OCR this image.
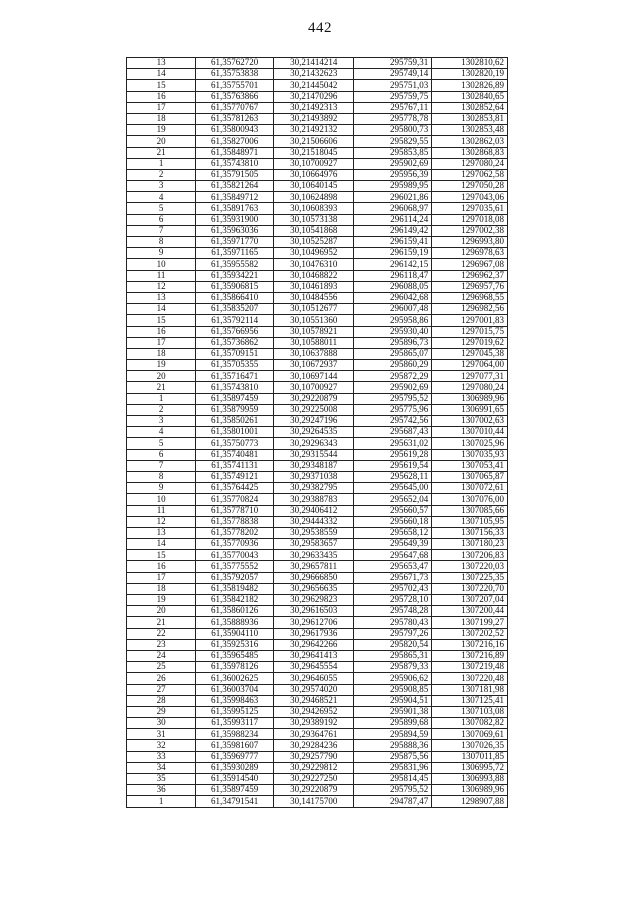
442
13	61,35762720	30,21414214	295759,31	1302810,62
14	61,35753838	30,21432623	295749,14	1302820,19
15	61,35755701	30,21445042	295751,03	1302826,89
16	61,35763866	30,21470296	295759,75	1302840,65
17	61,35770767	30,21492313	295767,11	1302852,64
18	61,35781263	30,21493892	295778,78	1302853,81
19	61,35800943	30,21492132	295800,73	1302853,48
20	61,35827006	30,21506606	295829,55	1302862,03
21	61,35848971	30,21518045	295853,85	1302868,83
1	61,35743810	30,10700927	295902,69	1297080,24
2	61,35791505	30,10664976	295956,39	1297062,58
3	61,35821264	30,10640145	295989,95	1297050,28
4	61,35849712	30,10624898	296021,86	1297043,06
5	61,35891763	30,10608393	296068,97	1297035,61
6	61,35931900	30,10573138	296114,24	1297018,08
7	61,35963036	30,10541868	296149,42	1297002,38
8	61,35971770	30,10525287	296159,41	1296993,80
9	61,35971165	30,10496952	296159,19	1296978,63
10	61,35955582	30,10476310	296142,15	1296967,08
11	61,35934221	30,10468822	296118,47	1296962,37
12	61,35906815	30,10461893	296088,05	1296957,76
13	61,35866410	30,10484556	296042,68	1296968,55
14	61,35835207	30,10512677	296007,48	1296982,56
15	61,35792114	30,10551360	295958,86	1297001,83
16	61,35766956	30,10578921	295930,40	1297015,75
17	61,35736862	30,10588011	295896,73	1297019,62
18	61,35709151	30,10637888	295865,07	1297045,38
19	61,35705355	30,10672937	295860,29	1297064,00
20	61,35716471	30,10697144	295872,29	1297077,31
21	61,35743810	30,10700927	295902,69	1297080,24
1	61,35897459	30,29220879	295795,52	1306989,96
2	61,35879959	30,29225008	295775,96	1306991,65
3	61,35850261	30,29247196	295742,56	1307002,63
4	61,35801001	30,29264535	295687,43	1307010,44
5	61,35750773	30,29296343	295631,02	1307025,96
6	61,35740481	30,29315544	295619,28	1307035,93
7	61,35741131	30,29348187	295619,54	1307053,41
8	61,35749121	30,29371038	295628,11	1307065,87
9	61,35764425	30,29382795	295645,00	1307072,61
10	61,35770824	30,29388783	295652,04	1307076,00
11	61,35778710	30,29406412	295660,57	1307085,66
12	61,35778838	30,29444332	295660,18	1307105,95
13	61,35778202	30,29538559	295658,12	1307156,33
14	61,35770936	30,29583657	295649,39	1307180,23
15	61,35770043	30,29633435	295647,68	1307206,83
16	61,35775552	30,29657811	295653,47	1307220,03
17	61,35792057	30,29666850	295671,73	1307225,35
18	61,35819482	30,29656635	295702,43	1307220,70
19	61,35842182	30,29629823	295728,10	1307207,04
20	61,35860126	30,29616503	295748,28	1307200,44
21	61,35888936	30,29612706	295780,43	1307199,27
22	61,35904110	30,29617936	295797,26	1307202,52
23	61,35925316	30,29642266	295820,54	1307216,16
24	61,35965485	30,29641413	295865,31	1307216,89
25	61,35978126	30,29645554	295879,33	1307219,48
26	61,36002625	30,29646055	295906,62	1307220,48
27	61,36003704	30,29574020	295908,85	1307181,98
28	61,35998463	30,29468521	295904,51	1307125,41
29	61,35995125	30,29426952	295901,38	1307103,08
30	61,35993117	30,29389192	295899,68	1307082,82
31	61,35988234	30,29364761	295894,59	1307069,61
32	61,35981607	30,29284236	295888,36	1307026,35
33	61,35969777	30,29257790	295875,56	1307011,85
34	61,35930289	30,29229812	295831,96	1306995,72
35	61,35914540	30,29227250	295814,45	1306993,88
36	61,35897459	30,29220879	295795,52	1306989,96
1	61,34791541	30,14175700	294787,47	1298907,88
